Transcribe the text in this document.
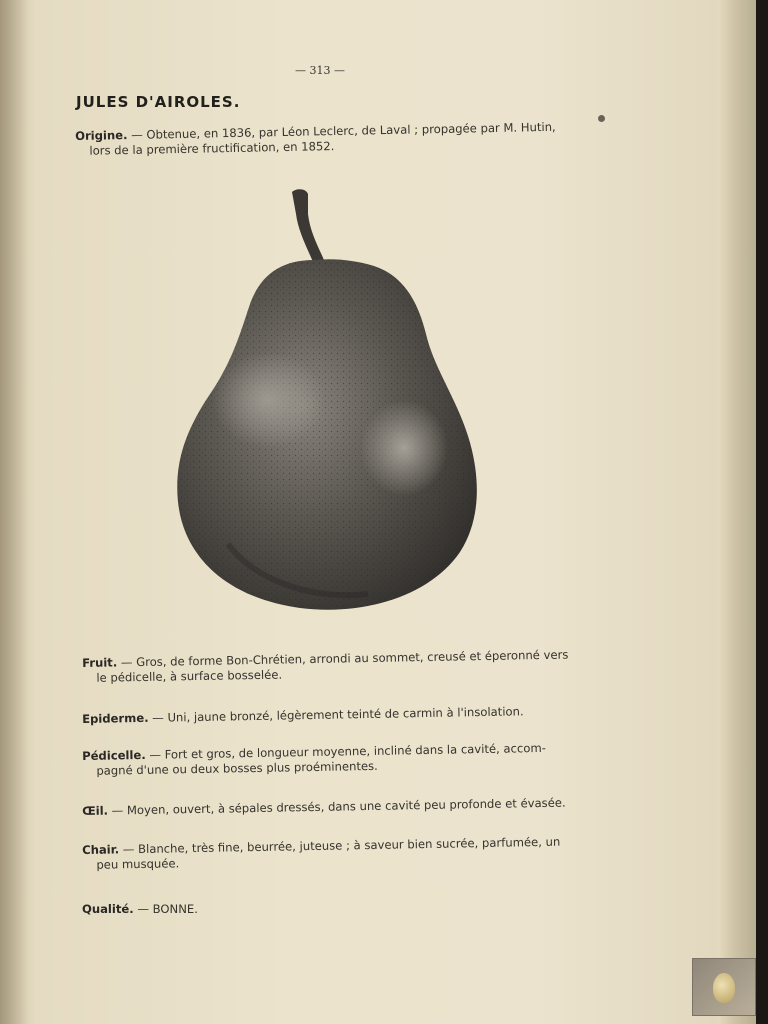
— 313 —
JULES D'AIROLES.
Origine. — Obtenue, en 1836, par Léon Leclerc, de Laval ; propagée par M. Hutin,
lors de la première fructification, en 1852.
Fruit. — Gros, de forme Bon-Chrétien, arrondi au sommet, creusé et éperonné vers
le pédicelle, à surface bosselée.
Epiderme. — Uni, jaune bronzé, légèrement teinté de carmin à l'insolation.
Pédicelle. — Fort et gros, de longueur moyenne, incliné dans la cavité, accom-
pagné d'une ou deux bosses plus proéminentes.
Œil. — Moyen, ouvert, à sépales dressés, dans une cavité peu profonde et évasée.
Chair. — Blanche, très fine, beurrée, juteuse ; à saveur bien sucrée, parfumée, un
peu musquée.
Qualité. — BONNE.
